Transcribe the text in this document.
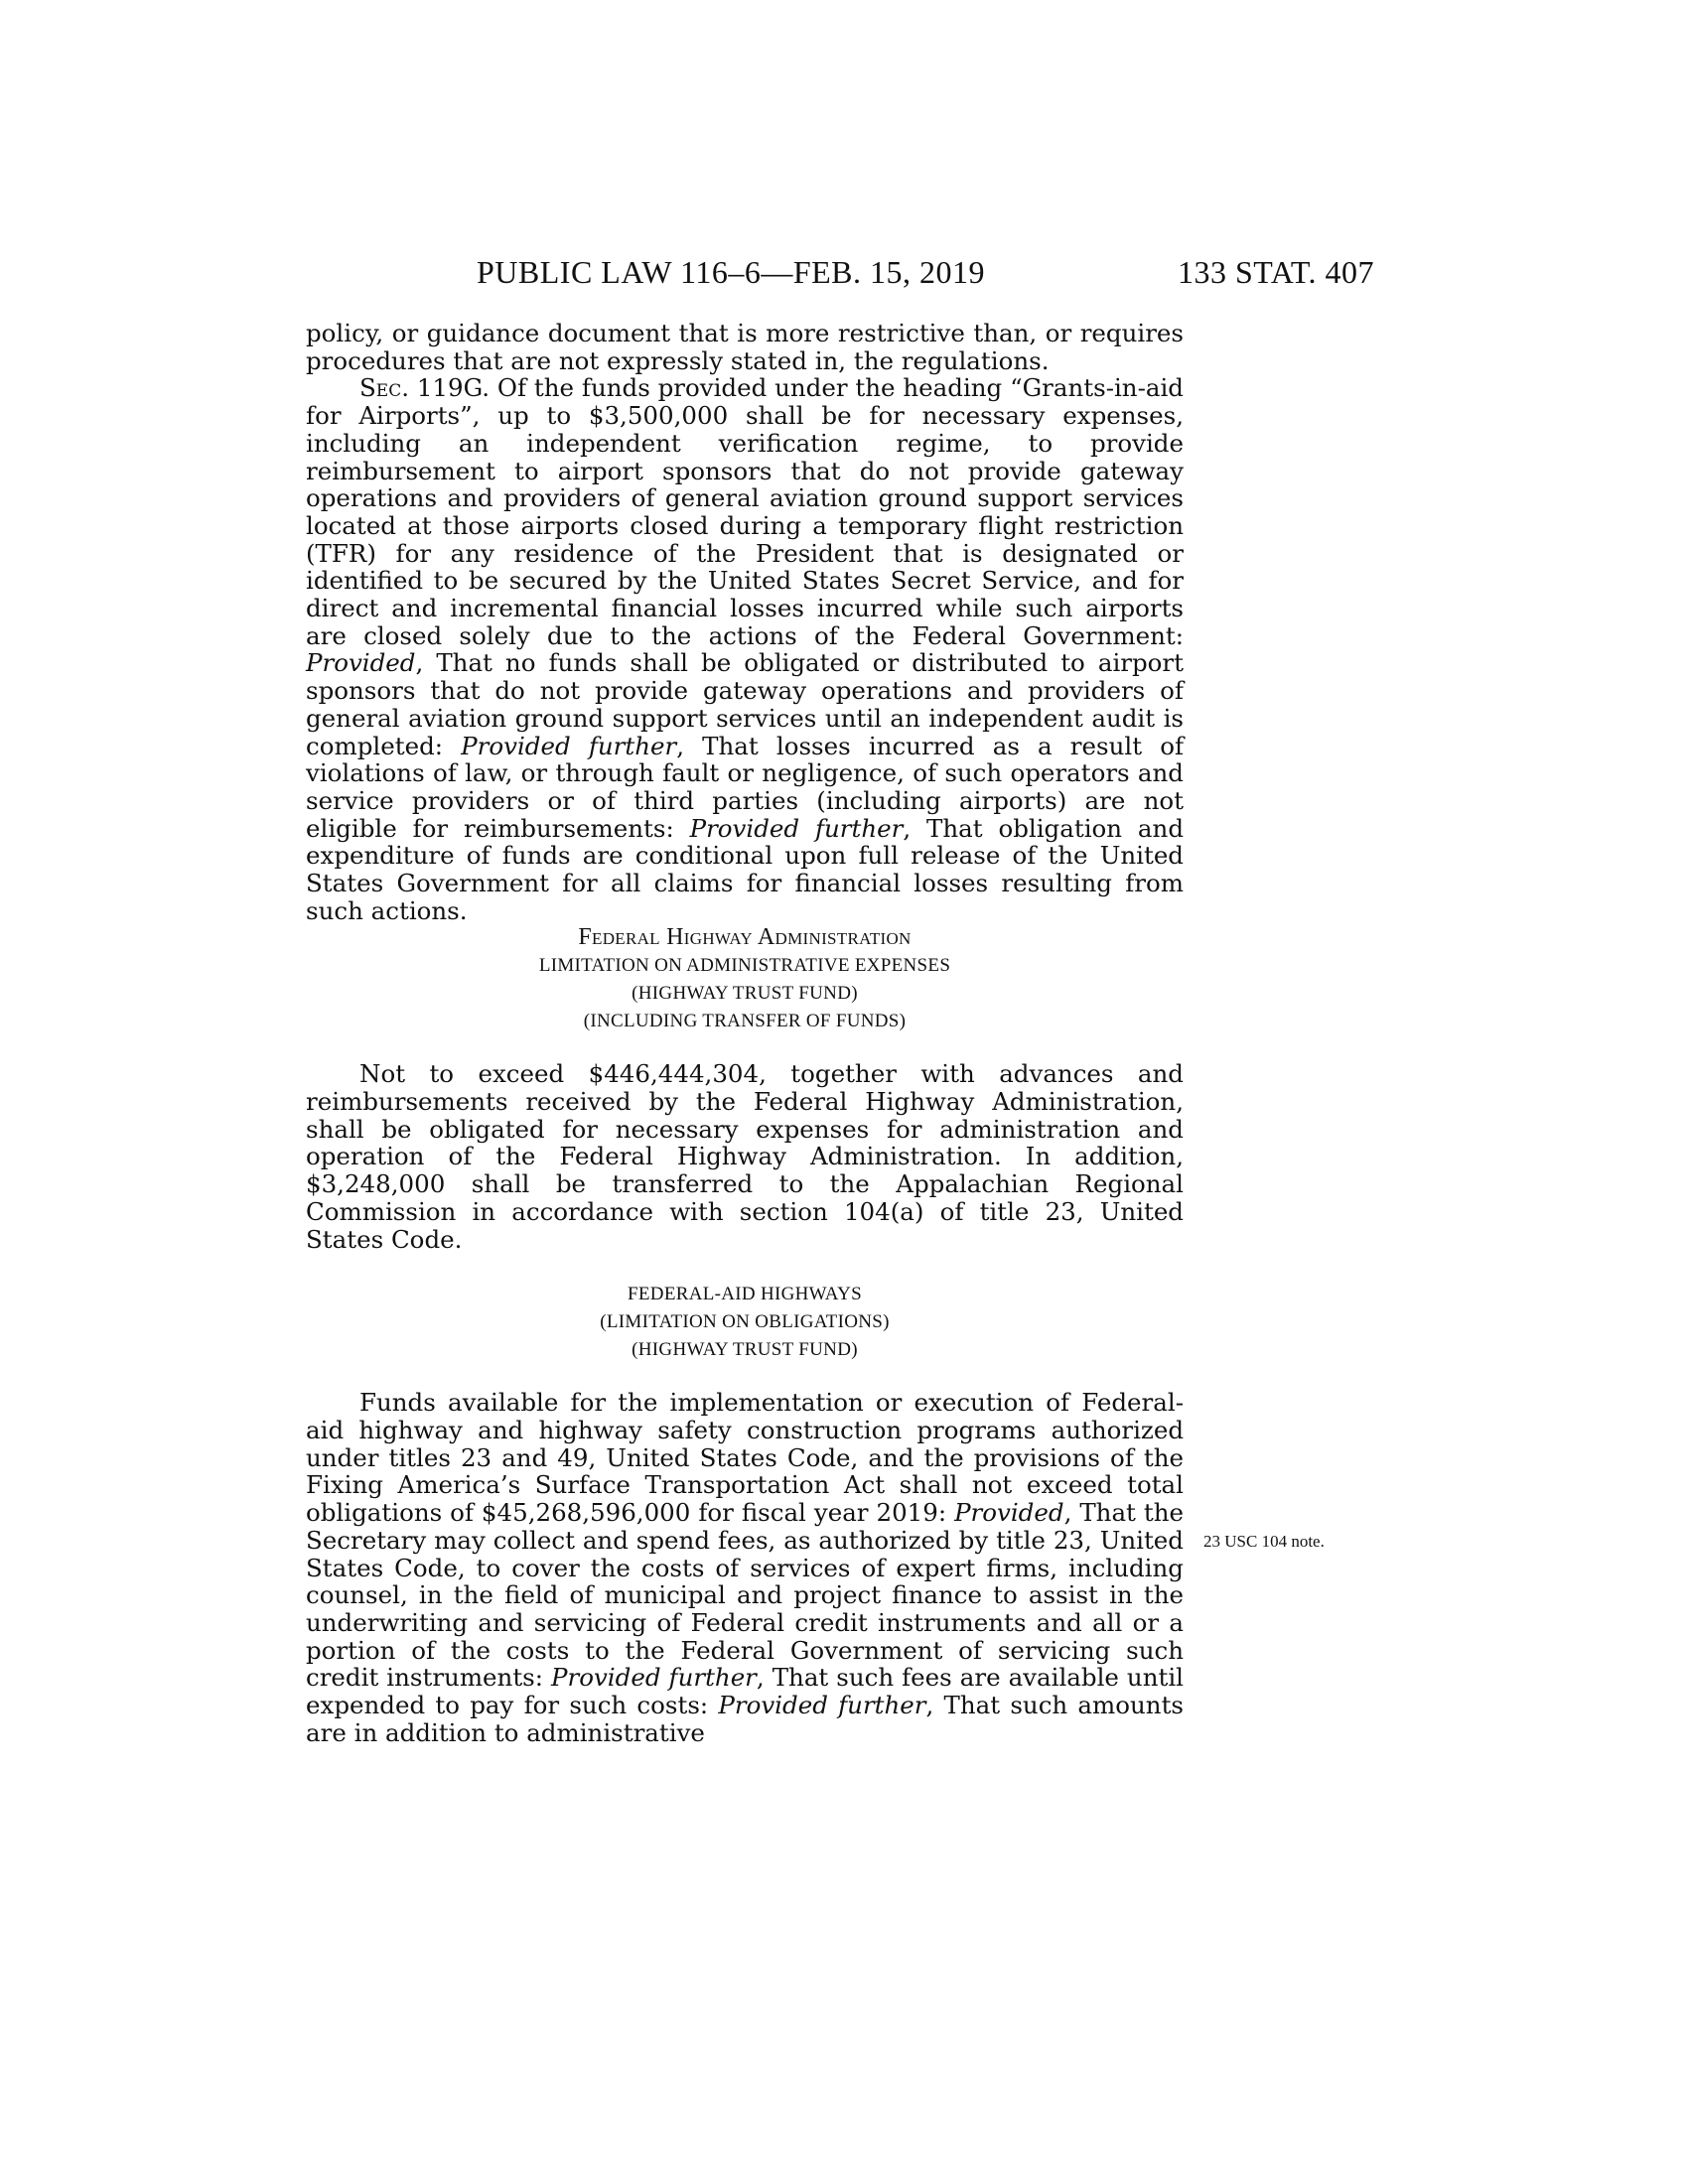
PUBLIC LAW 116–6—FEB. 15, 2019	133 STAT. 407

policy, or guidance document that is more restrictive than, or requires procedures that are not expressly stated in, the regulations.

Sec. 119G. Of the funds provided under the heading “Grants-in-aid for Airports”, up to $3,500,000 shall be for necessary expenses, including an independent verification regime, to provide reimbursement to airport sponsors that do not provide gateway operations and providers of general aviation ground support services located at those airports closed during a temporary flight restriction (TFR) for any residence of the President that is designated or identified to be secured by the United States Secret Service, and for direct and incremental financial losses incurred while such airports are closed solely due to the actions of the Federal Government: Provided, That no funds shall be obligated or distributed to airport sponsors that do not provide gateway operations and providers of general aviation ground support services until an independent audit is completed: Provided further, That losses incurred as a result of violations of law, or through fault or negligence, of such operators and service providers or of third parties (including airports) are not eligible for reimbursements: Provided further, That obligation and expenditure of funds are conditional upon full release of the United States Government for all claims for financial losses resulting from such actions.

Federal Highway Administration

LIMITATION ON ADMINISTRATIVE EXPENSES

(HIGHWAY TRUST FUND)

(INCLUDING TRANSFER OF FUNDS)

Not to exceed $446,444,304, together with advances and reimbursements received by the Federal Highway Administration, shall be obligated for necessary expenses for administration and operation of the Federal Highway Administration. In addition, $3,248,000 shall be transferred to the Appalachian Regional Commission in accordance with section 104(a) of title 23, United States Code.

FEDERAL-AID HIGHWAYS

(LIMITATION ON OBLIGATIONS)

(HIGHWAY TRUST FUND)

Funds available for the implementation or execution of Federal-aid highway and highway safety construction programs authorized under titles 23 and 49, United States Code, and the provisions of the Fixing America’s Surface Transportation Act shall not exceed total obligations of $45,268,596,000 for fiscal year 2019: Provided, That the Secretary may collect and spend fees, as authorized by title 23, United States Code, to cover the costs of services of expert firms, including counsel, in the field of municipal and project finance to assist in the underwriting and servicing of Federal credit instruments and all or a portion of the costs to the Federal Government of servicing such credit instruments: Provided further, That such fees are available until expended to pay for such costs: Provided further, That such amounts are in addition to administrative

23 USC 104 note.
